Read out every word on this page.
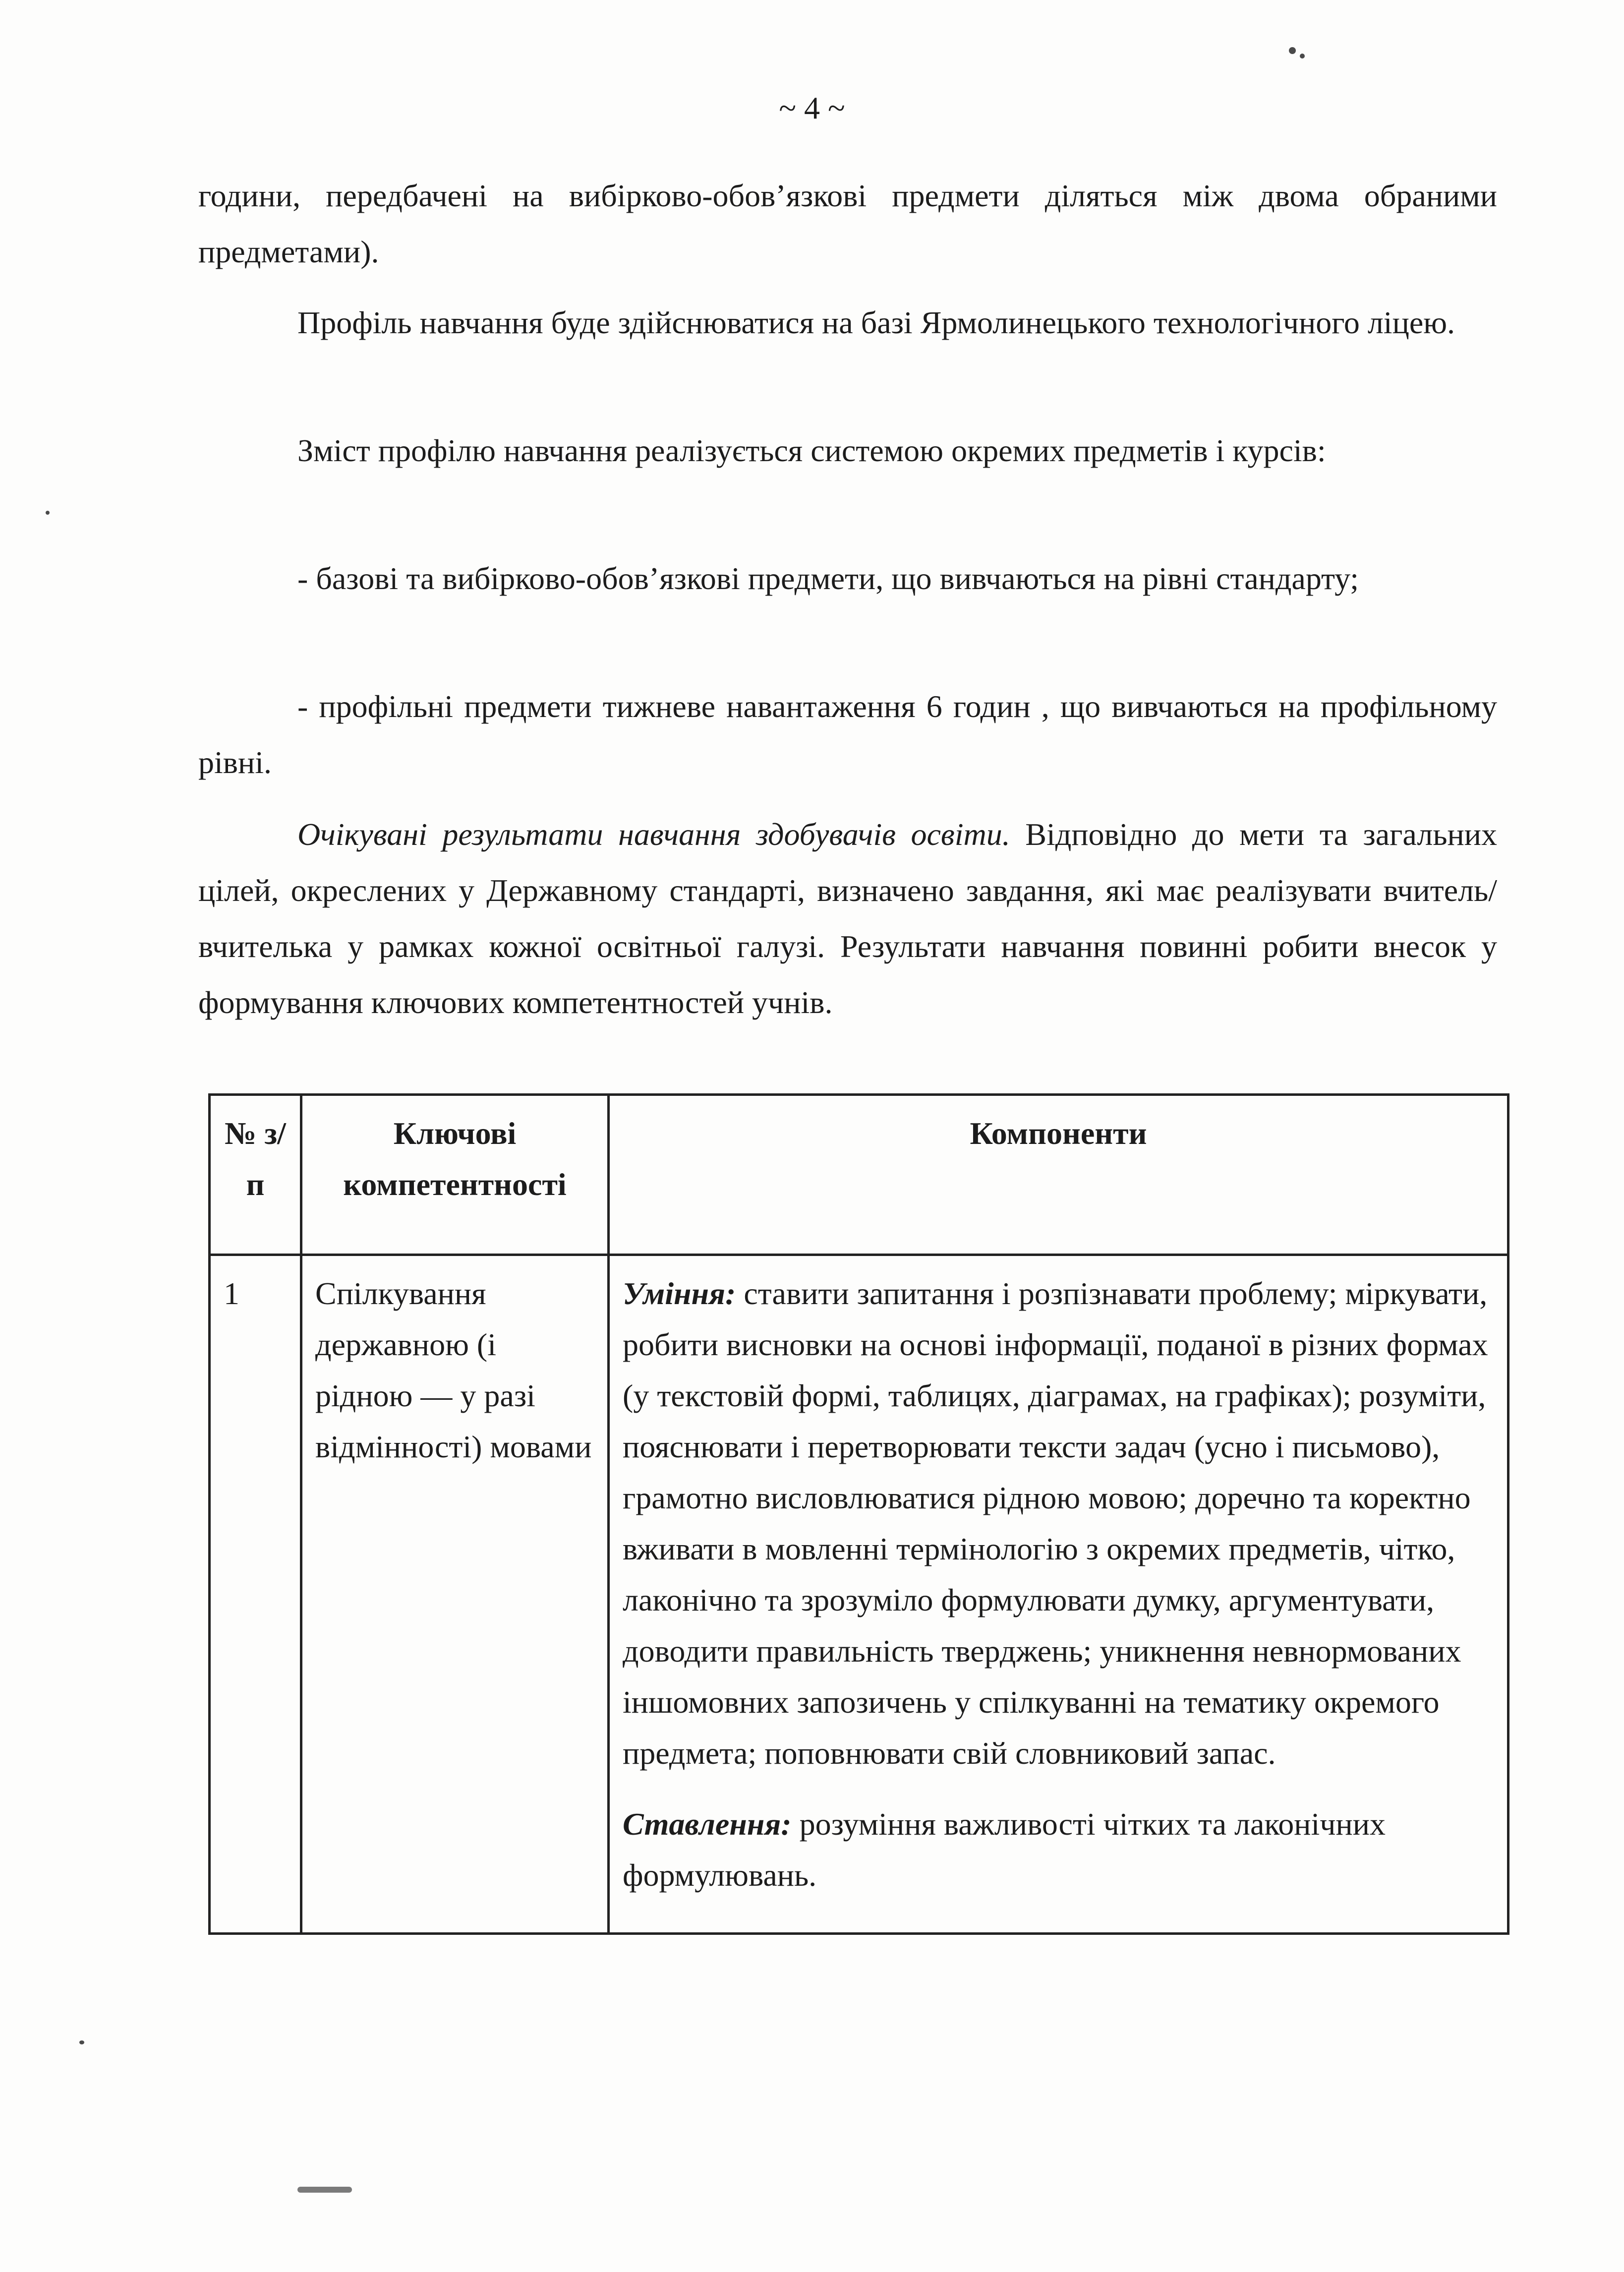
~ 4 ~

години, передбачені на вибірково-обов’язкові предмети діляться між двома обраними предметами).

Профіль навчання буде здійснюватися на базі Ярмолинецького технологічного ліцею.

Зміст профілю навчання реалізується системою окремих предметів і курсів:

- базові та вибірково-обов’язкові предмети, що вивчаються на рівні стандарту;

- профільні предмети тижневе навантаження 6 годин , що вивчаються на профільному рівні.

Очікувані результати навчання здобувачів освіти. Відповідно до мети та загальних цілей, окреслених у Державному стандарті, визначено завдання, які має реалізувати вчитель/вчителька у рамках кожної освітньої галузі. Результати навчання повинні робити внесок у формування ключових компетентностей учнів.

№ з/п	Ключові компетентності	Компоненти
1	Спілкування державною (і рідною — у разі відмінності) мовами	Уміння: ставити запитання і розпізнавати проблему; міркувати, робити висновки на основі інформації, поданої в різних формах (у текстовій формі, таблицях, діаграмах, на графіках); розуміти, пояснювати і перетворювати тексти задач (усно і письмово), грамотно висловлюватися рідною мовою; доречно та коректно вживати в мовленні термінологію з окремих предметів, чітко, лаконічно та зрозуміло формулювати думку, аргументувати, доводити правильність тверджень; уникнення невнормованих іншомовних запозичень у спілкуванні на тематику окремого предмета; поповнювати свій словниковий запас.

Ставлення: розуміння важливості чітких та лаконічних формулювань.
